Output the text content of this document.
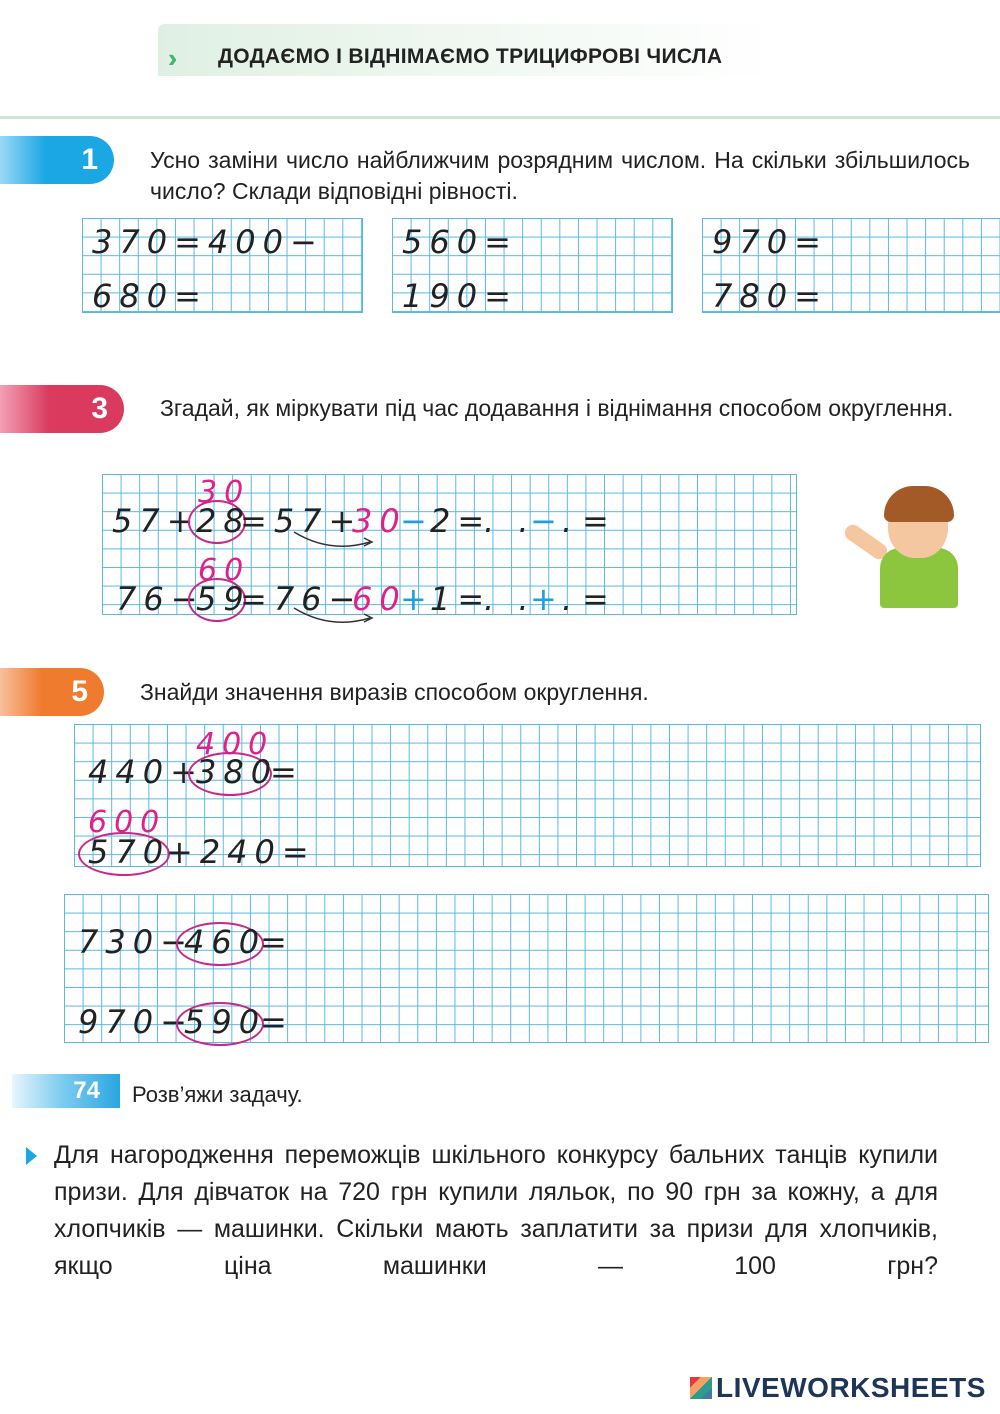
›› ДОДАЄМО І ВІДНІМАЄМО ТРИЦИФРОВІ ЧИСЛА
1	Усно заміни число найближчим розрядним числом. На скільки збільшилось число? Склади відповідні рівності.
370=400−
680=
560=
190=
970=
780=
3	Згадай, як міркувати під час додавання і віднімання способом округлення.
30
57+
28
=57+
30
−
2=
. .
−
. =
60
76−
59
=76−
60
+
1=
. .
+
. =
5	Знайди значення виразів способом округлення.
400
440+
380
=
600
570
+240=
730−
460
=
970−
590
=
74	Розв’яжи задачу.
Для нагородження переможців шкільного конкурсу бальних танців купили призи. Для дівчаток на 720 грн купили ляльок, по 90 грн за кожну, а для хлопчиків — машинки. Скільки мають заплатити за призи для хлопчиків, якщо ціна машинки — 100 грн?
LIVEWORKSHEETS
